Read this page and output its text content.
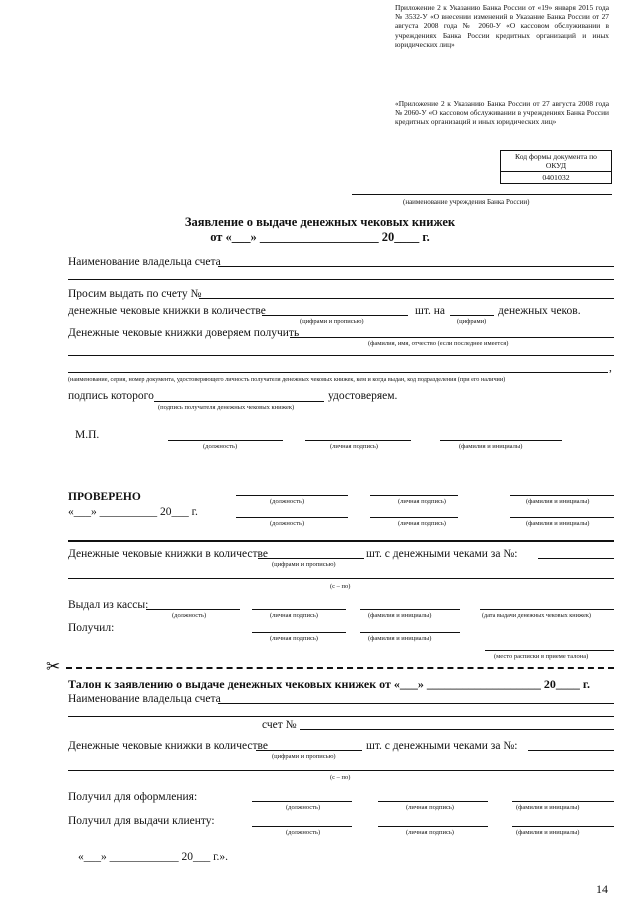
Приложение 2 к Указанию Банка России от «19» января 2015 года № 3532-У «О внесении изменений в Указание Банка России от 27 августа 2008 года № 2060-У «О кассовом обслуживании в учреждениях Банка России кредитных организаций и иных юридических лиц»
«Приложение 2 к Указанию Банка России от 27 августа 2008 года № 2060-У «О кассовом обслуживании в учреждениях Банка России кредитных организаций и иных юридических лиц»
Код формы документа по ОКУД
0401032
(наименование учреждения Банка России)
Заявление о выдаче денежных чековых книжек
от «___» ___________________ 20____ г.
Наименование владельца счета
Просим выдать по счету №
денежные чековые книжки в количестве
(цифрами и прописью)
шт. на
(цифрами)
денежных чеков.
Денежные чековые книжки доверяем получить
(фамилия, имя, отчество (если последнее имеется)
,
(наименование, серия, номер документа, удостоверяющего личность получателя денежных чековых книжек, кем и когда выдан, код подразделения (при его наличии)
подпись которого
(подпись получателя денежных чековых книжек)
удостоверяем.
М.П.
(должность)	(личная подпись)	(фамилия и инициалы)
ПРОВЕРЕНО
«___» __________ 20___ г.
(должность)	(личная подпись)	(фамилия и инициалы)
(должность)	(личная подпись)	(фамилия и инициалы)
Денежные чековые книжки в количестве
(цифрами и прописью)
шт. с денежными чеками за №:
(с – по)
Выдал из кассы:
(должность)	(личная подпись)	(фамилия и инициалы)	(дата выдачи денежных чековых книжек)
Получил:
(личная подпись)	(фамилия и инициалы)
(место расписки в приеме талона)
✂
Талон к заявлению о выдаче денежных чековых книжек от «___» ___________________ 20____ г.
Наименование владельца счета
счет №
Денежные чековые книжки в количестве
(цифрами и прописью)
шт. с денежными чеками за №:
(с – по)
Получил для оформления:
(должность)	(личная подпись)	(фамилия и инициалы)
Получил для выдачи клиенту:
(должность)	(личная подпись)	(фамилия и инициалы)
«___» ____________ 20___ г.».
14
